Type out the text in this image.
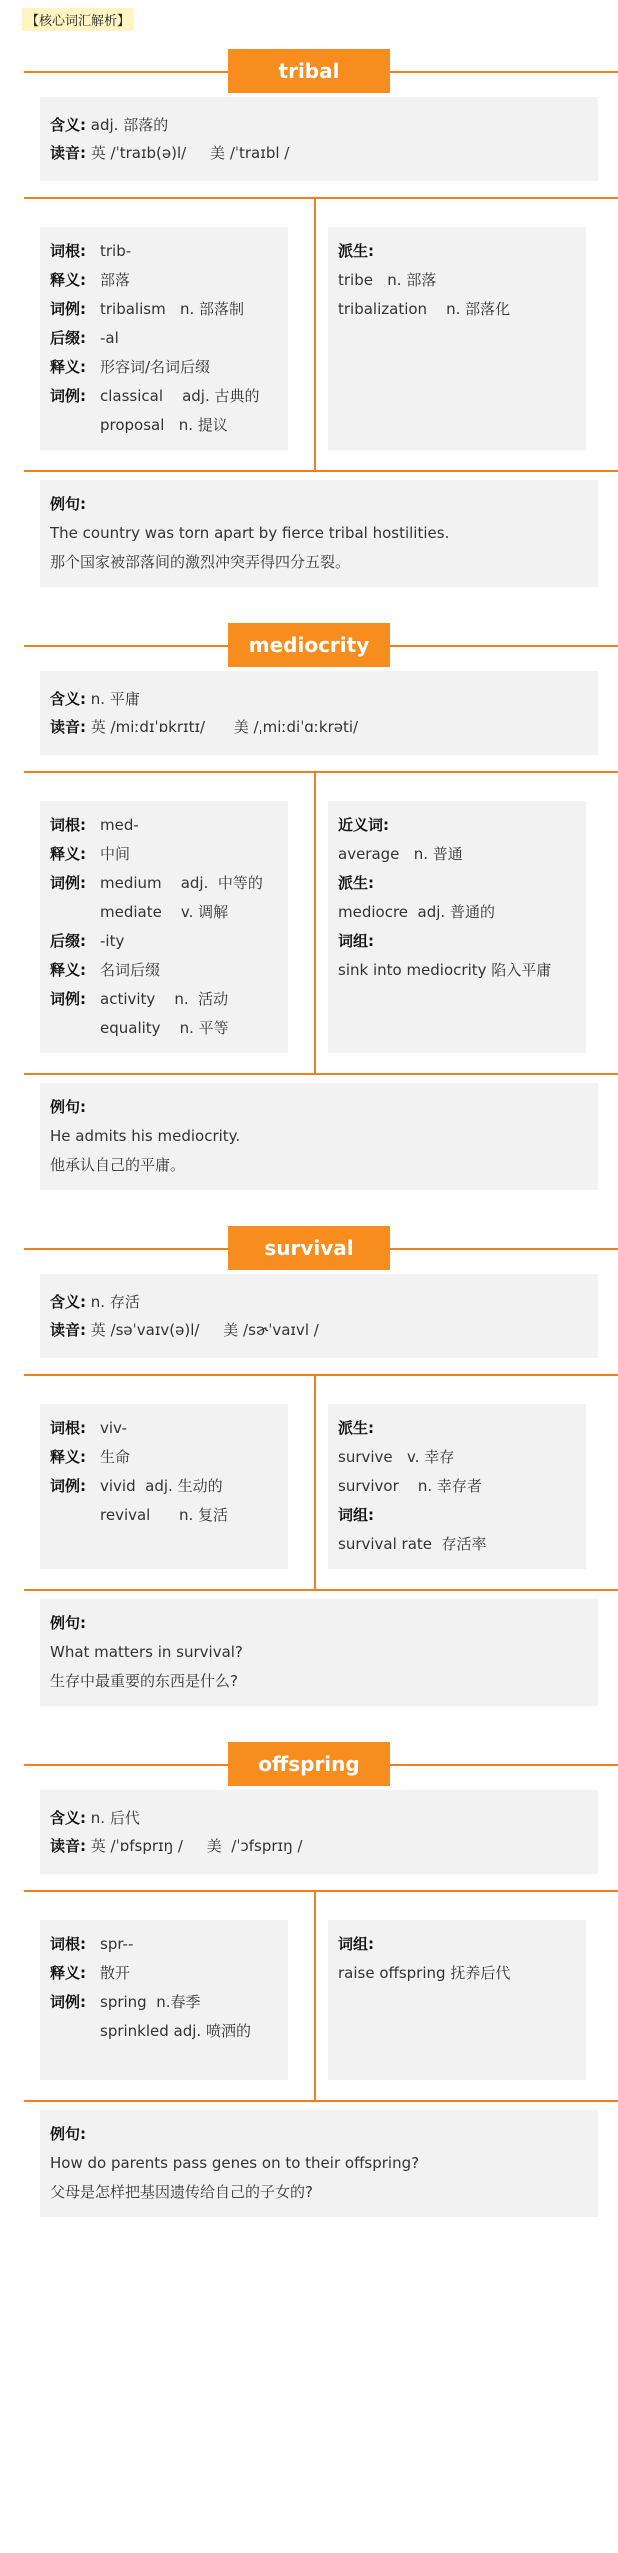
【核心词汇解析】
tribal
含义: adj. 部落的
读音: 英 /ˈtraɪb(ə)l/     美 /ˈtraɪbl /
词根: trib-
释义: 部落
词例: tribalism   n. 部落制
后缀: -al
释义: 形容词/名词后缀
词例: classical    adj. 古典的
proposal   n. 提议
派生:
tribe   n. 部落
tribalization    n. 部落化
例句:
The country was torn apart by fierce tribal hostilities.
那个国家被部落间的激烈冲突弄得四分五裂。
mediocrity
含义: n. 平庸
读音: 英 /miːdɪˈɒkrɪtɪ/      美 /ˌmiːdiˈɑːkrəti/
词根: med-
释义: 中间
词例: medium    adj.  中等的
mediate    v. 调解
后缀: -ity
释义: 名词后缀
词例: activity    n.  活动
equality    n. 平等
近义词:
average   n. 普通
派生:
mediocre  adj. 普通的
词组:
sink into mediocrity 陷入平庸
例句:
He admits his mediocrity.
他承认自己的平庸。
survival
含义: n. 存活
读音: 英 /səˈvaɪv(ə)l/     美 /sɚˈvaɪvl /
词根: viv-
释义: 生命
词例: vivid  adj. 生动的
revival      n. 复活
派生:
survive   v. 幸存
survivor    n. 幸存者
词组:
survival rate  存活率
例句:
What matters in survival?
生存中最重要的东西是什么?
offspring
含义: n. 后代
读音: 英 /ˈɒfsprɪŋ /     美  /ˈɔfsprɪŋ /
词根: spr--
释义: 散开
词例: spring  n.春季
sprinkled adj. 喷洒的
词组:
raise offspring 抚养后代
例句:
How do parents pass genes on to their offspring?
父母是怎样把基因遗传给自己的子女的?
